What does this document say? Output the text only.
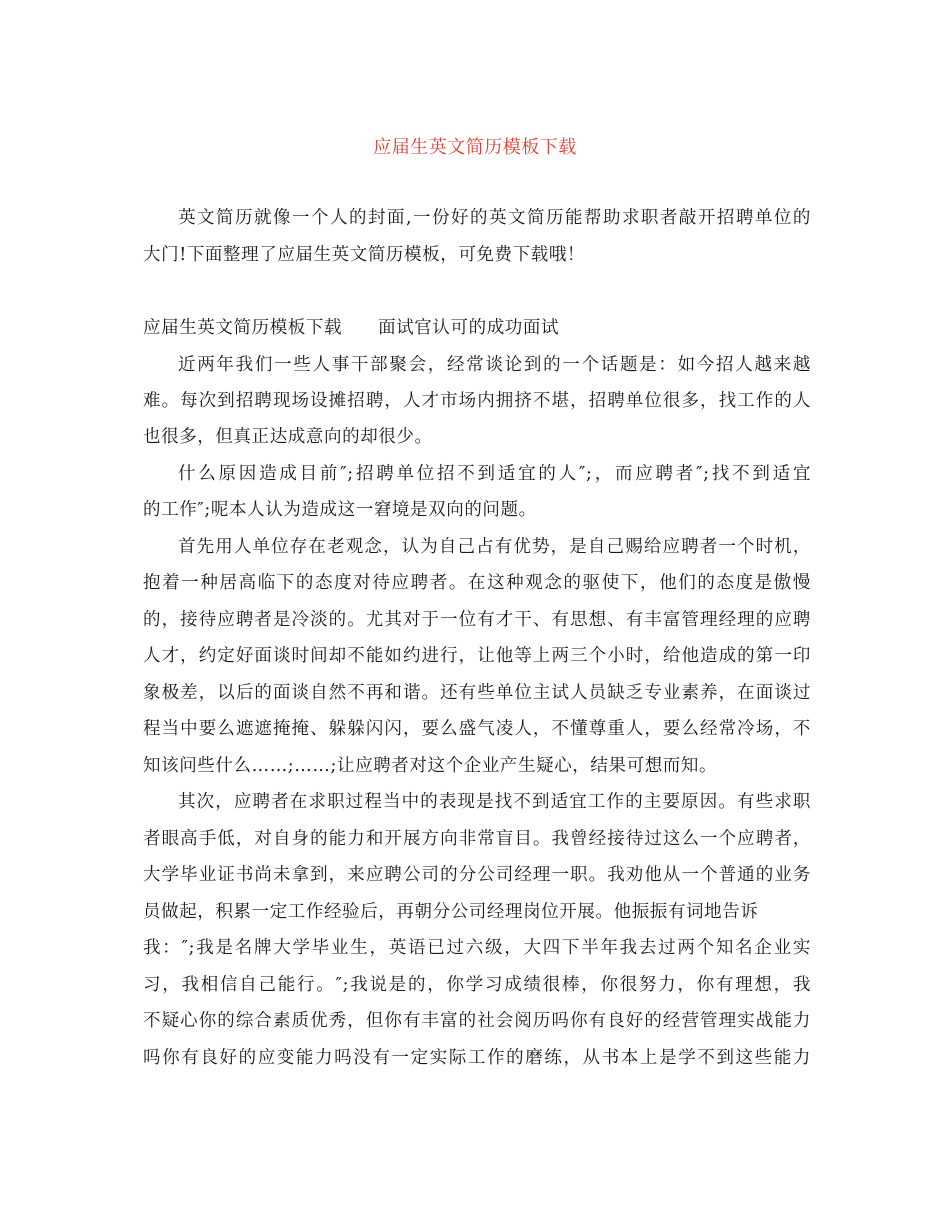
应届生英文简历模板下载
英文简历就像一个人的封面,一份好的英文简历能帮助求职者敲开招聘单位的
大门!下面整理了应届生英文简历模板，可免费下载哦！
应届生英文简历模板下载 面试官认可的成功面试
近两年我们一些人事干部聚会，经常谈论到的一个话题是：如今招人越来越
难。每次到招聘现场设摊招聘，人才市场内拥挤不堪，招聘单位很多，找工作的人
也很多，但真正达成意向的却很少。
什么原因造成目前″;招聘单位招不到适宜的人″;，而应聘者″;找不到适宜
的工作″;呢本人认为造成这一窘境是双向的问题。
首先用人单位存在老观念，认为自己占有优势，是自己赐给应聘者一个时机，
抱着一种居高临下的态度对待应聘者。在这种观念的驱使下，他们的态度是傲慢
的，接待应聘者是冷淡的。尤其对于一位有才干、有思想、有丰富管理经理的应聘
人才，约定好面谈时间却不能如约进行，让他等上两三个小时，给他造成的第一印
象极差，以后的面谈自然不再和谐。还有些单位主试人员缺乏专业素养，在面谈过
程当中要么遮遮掩掩、躲躲闪闪，要么盛气凌人，不懂尊重人，要么经常冷场，不
知该问些什么……;……;让应聘者对这个企业产生疑心，结果可想而知。
其次，应聘者在求职过程当中的表现是找不到适宜工作的主要原因。有些求职
者眼高手低，对自身的能力和开展方向非常盲目。我曾经接待过这么一个应聘者，
大学毕业证书尚未拿到，来应聘公司的分公司经理一职。我劝他从一个普通的业务
员做起，积累一定工作经验后，再朝分公司经理岗位开展。他振振有词地告诉
我：″;我是名牌大学毕业生，英语已过六级，大四下半年我去过两个知名企业实
习，我相信自己能行。″;我说是的，你学习成绩很棒，你很努力，你有理想，我
不疑心你的综合素质优秀，但你有丰富的社会阅历吗你有良好的经营管理实战能力
吗你有良好的应变能力吗没有一定实际工作的磨练，从书本上是学不到这些能力
